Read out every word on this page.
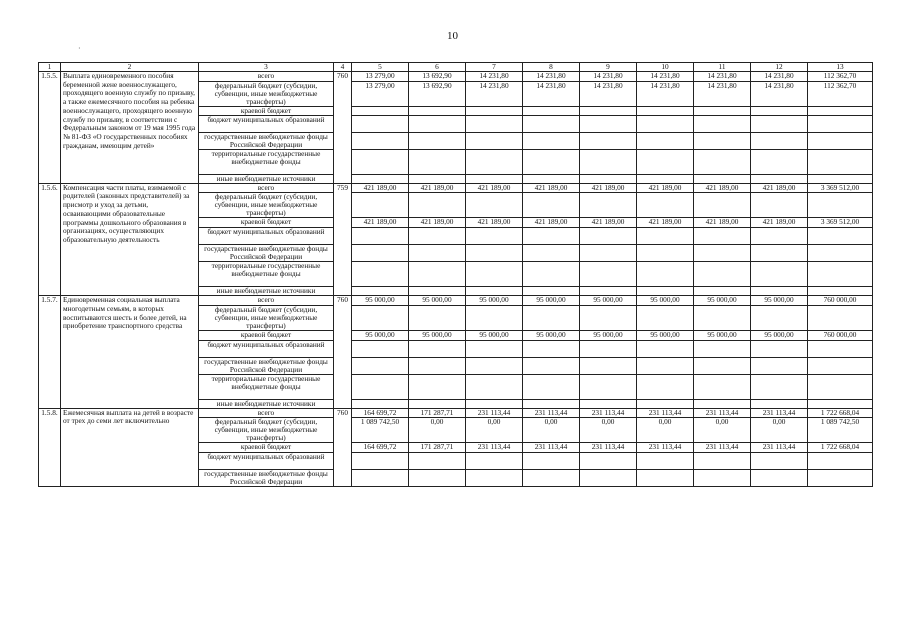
10
·
1	2	3	4	5	6	7	8	9	10	11	12	13
1.5.5.	Выплата единовременного пособия беременной жене военнослужащего, проходящего военную службу по призыву, а также ежемесячного пособия на ребенка военнослужащего, проходящего военную службу по призыву, в соответствии с Федеральным законом от 19 мая 1995 года № 81-ФЗ «О государственных пособиях гражданам, имеющим детей»	всего	760	13 279,00	13 692,90	14 231,80	14 231,80	14 231,80	14 231,80	14 231,80	14 231,80	112 362,70
		федеральный бюджет (субсидии, субвенции, иные межбюджетные трансферты)		13 279,00	13 692,90	14 231,80	14 231,80	14 231,80	14 231,80	14 231,80	14 231,80	112 362,70
		краевой бюджет										
		бюджет муниципальных образований										
		государственные внебюджетные фонды Российской Федерации										
		территориальные государственные внебюджетные фонды										
		иные внебюджетные источники										
1.5.6.	Компенсация части платы, взимаемой с родителей (законных представителей) за присмотр и уход за детьми, осваивающими образовательные программы дошкольного образования в организациях, осуществляющих образовательную деятельность	всего	759	421 189,00	421 189,00	421 189,00	421 189,00	421 189,00	421 189,00	421 189,00	421 189,00	3 369 512,00
		федеральный бюджет (субсидии, субвенции, иные межбюджетные трансферты)										
		краевой бюджет		421 189,00	421 189,00	421 189,00	421 189,00	421 189,00	421 189,00	421 189,00	421 189,00	3 369 512,00
		бюджет муниципальных образований										
		государственные внебюджетные фонды Российской Федерации										
		территориальные государственные внебюджетные фонды										
		иные внебюджетные источники										
1.5.7.	Единовременная социальная выплата многодетным семьям, в которых воспитываются шесть и более детей, на приобретение транспортного средства	всего	760	95 000,00	95 000,00	95 000,00	95 000,00	95 000,00	95 000,00	95 000,00	95 000,00	760 000,00
		федеральный бюджет (субсидии, субвенции, иные межбюджетные трансферты)										
		краевой бюджет		95 000,00	95 000,00	95 000,00	95 000,00	95 000,00	95 000,00	95 000,00	95 000,00	760 000,00
		бюджет муниципальных образований										
		государственные внебюджетные фонды Российской Федерации										
		территориальные государственные внебюджетные фонды										
		иные внебюджетные источники										
1.5.8.	Ежемесячная выплата на детей в возрасте от трех до семи лет включительно	всего	760	164 699,72	171 287,71	231 113,44	231 113,44	231 113,44	231 113,44	231 113,44	231 113,44	1 722 668,04
		федеральный бюджет (субсидии, субвенции, иные межбюджетные трансферты)		1 089 742,50	0,00	0,00	0,00	0,00	0,00	0,00	0,00	1 089 742,50
		краевой бюджет		164 699,72	171 287,71	231 113,44	231 113,44	231 113,44	231 113,44	231 113,44	231 113,44	1 722 668,04
		бюджет муниципальных образований										
		государственные внебюджетные фонды Российской Федерации										
